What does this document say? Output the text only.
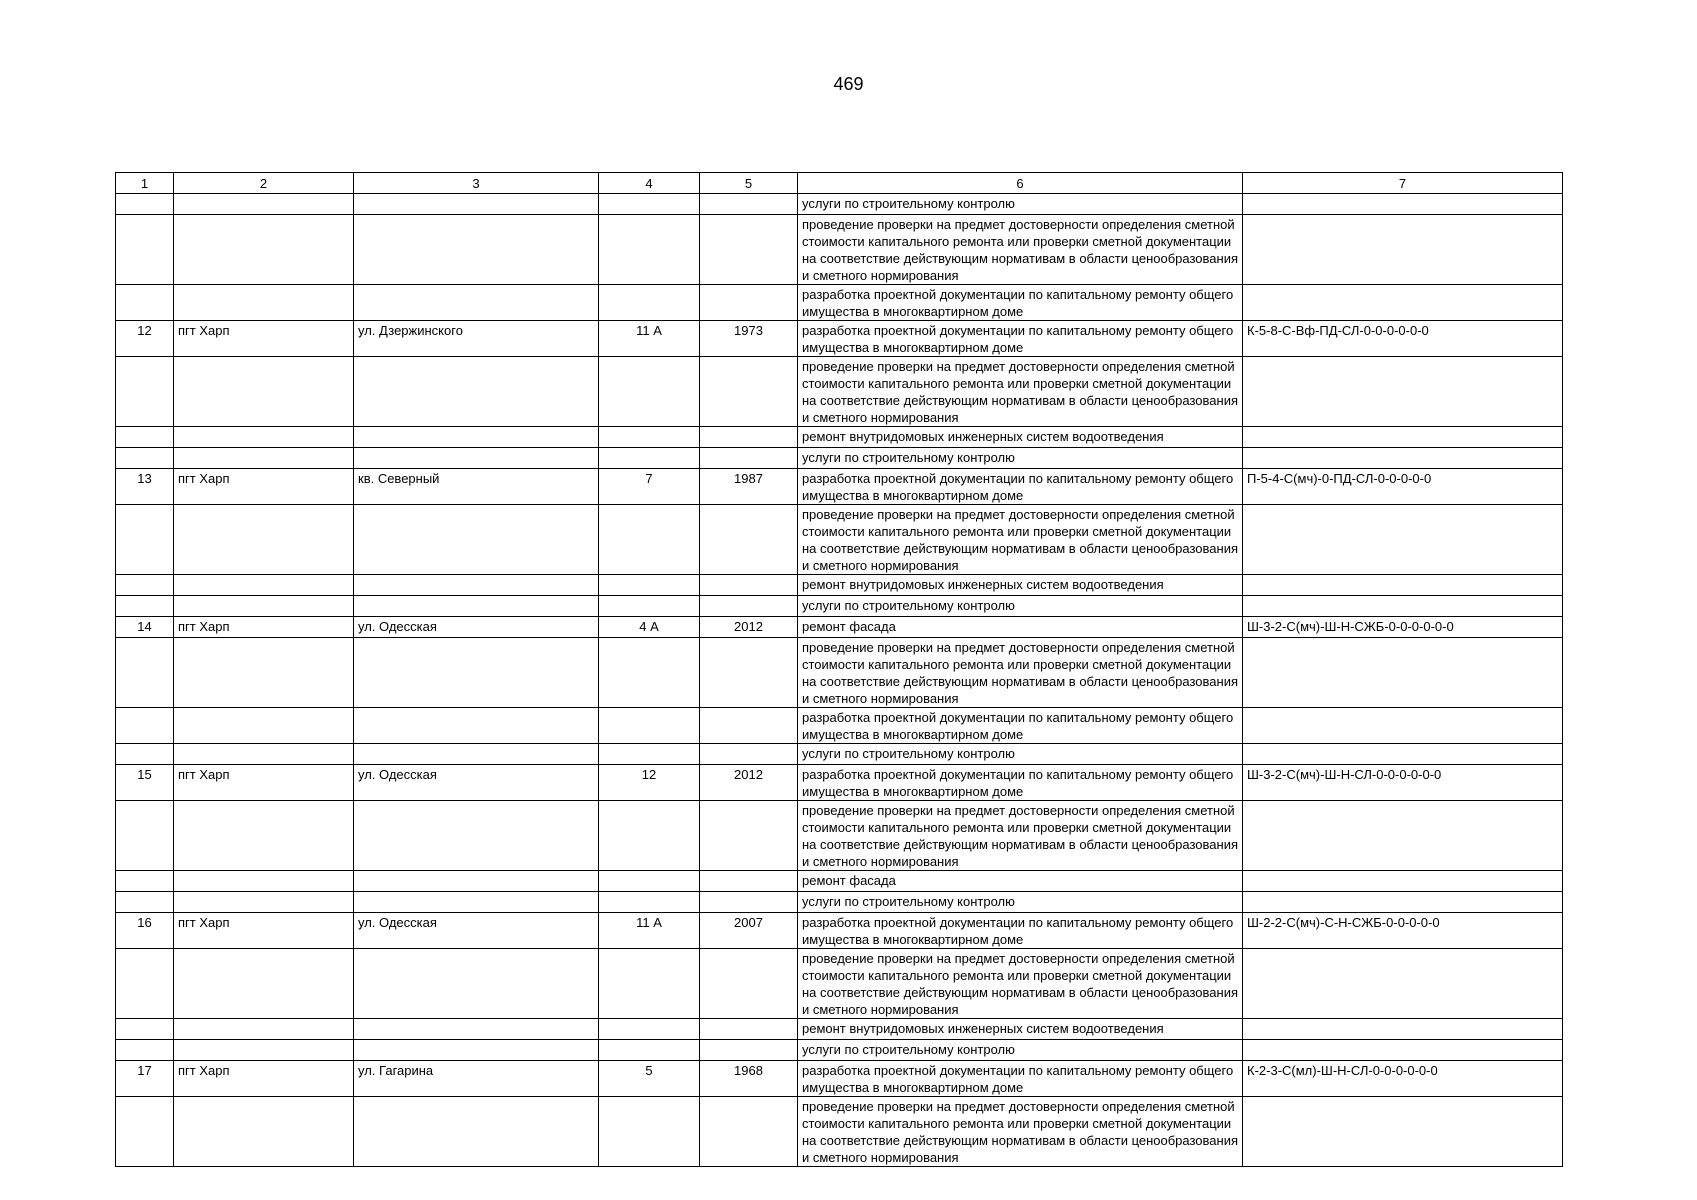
469
1	2	3	4	5	6	7
					услуги по строительному контролю	
					проведение проверки на предмет достоверности определения сметной стоимости капитального ремонта или проверки сметной документации на соответствие действующим нормативам в области ценообразования и сметного нормирования	
					разработка проектной документации по капитальному ремонту общего имущества в многоквартирном доме	
12	пгт Харп	ул. Дзержинского	11 А	1973	разработка проектной документации по капитальному ремонту общего имущества в многоквартирном доме	К-5-8-С-Вф-ПД-СЛ-0-0-0-0-0-0
					проведение проверки на предмет достоверности определения сметной стоимости капитального ремонта или проверки сметной документации на соответствие действующим нормативам в области ценообразования и сметного нормирования	
					ремонт внутридомовых инженерных систем водоотведения	
					услуги по строительному контролю	
13	пгт Харп	кв. Северный	7	1987	разработка проектной документации по капитальному ремонту общего имущества в многоквартирном доме	П-5-4-С(мч)-0-ПД-СЛ-0-0-0-0-0
					проведение проверки на предмет достоверности определения сметной стоимости капитального ремонта или проверки сметной документации на соответствие действующим нормативам в области ценообразования и сметного нормирования	
					ремонт внутридомовых инженерных систем водоотведения	
					услуги по строительному контролю	
14	пгт Харп	ул. Одесская	4 А	2012	ремонт фасада	Ш-3-2-С(мч)-Ш-Н-СЖБ-0-0-0-0-0-0
					проведение проверки на предмет достоверности определения сметной стоимости капитального ремонта или проверки сметной документации на соответствие действующим нормативам в области ценообразования и сметного нормирования	
					разработка проектной документации по капитальному ремонту общего имущества в многоквартирном доме	
					услуги по строительному контролю	
15	пгт Харп	ул. Одесская	12	2012	разработка проектной документации по капитальному ремонту общего имущества в многоквартирном доме	Ш-3-2-С(мч)-Ш-Н-СЛ-0-0-0-0-0-0
					проведение проверки на предмет достоверности определения сметной стоимости капитального ремонта или проверки сметной документации на соответствие действующим нормативам в области ценообразования и сметного нормирования	
					ремонт фасада	
					услуги по строительному контролю	
16	пгт Харп	ул. Одесская	11 А	2007	разработка проектной документации по капитальному ремонту общего имущества в многоквартирном доме	Ш-2-2-С(мч)-С-Н-СЖБ-0-0-0-0-0
					проведение проверки на предмет достоверности определения сметной стоимости капитального ремонта или проверки сметной документации на соответствие действующим нормативам в области ценообразования и сметного нормирования	
					ремонт внутридомовых инженерных систем водоотведения	
					услуги по строительному контролю	
17	пгт Харп	ул. Гагарина	5	1968	разработка проектной документации по капитальному ремонту общего имущества в многоквартирном доме	К-2-3-С(мл)-Ш-Н-СЛ-0-0-0-0-0-0
					проведение проверки на предмет достоверности определения сметной стоимости капитального ремонта или проверки сметной документации на соответствие действующим нормативам в области ценообразования и сметного нормирования	
